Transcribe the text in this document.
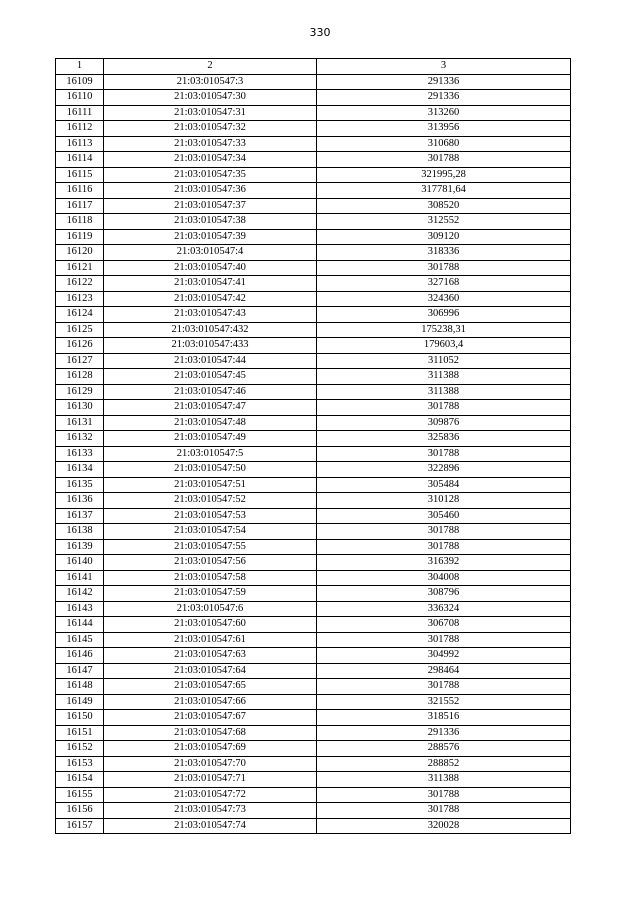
330
1	2	3
16109	21:03:010547:3	291336
16110	21:03:010547:30	291336
16111	21:03:010547:31	313260
16112	21:03:010547:32	313956
16113	21:03:010547:33	310680
16114	21:03:010547:34	301788
16115	21:03:010547:35	321995,28
16116	21:03:010547:36	317781,64
16117	21:03:010547:37	308520
16118	21:03:010547:38	312552
16119	21:03:010547:39	309120
16120	21:03:010547:4	318336
16121	21:03:010547:40	301788
16122	21:03:010547:41	327168
16123	21:03:010547:42	324360
16124	21:03:010547:43	306996
16125	21:03:010547:432	175238,31
16126	21:03:010547:433	179603,4
16127	21:03:010547:44	311052
16128	21:03:010547:45	311388
16129	21:03:010547:46	311388
16130	21:03:010547:47	301788
16131	21:03:010547:48	309876
16132	21:03:010547:49	325836
16133	21:03:010547:5	301788
16134	21:03:010547:50	322896
16135	21:03:010547:51	305484
16136	21:03:010547:52	310128
16137	21:03:010547:53	305460
16138	21:03:010547:54	301788
16139	21:03:010547:55	301788
16140	21:03:010547:56	316392
16141	21:03:010547:58	304008
16142	21:03:010547:59	308796
16143	21:03:010547:6	336324
16144	21:03:010547:60	306708
16145	21:03:010547:61	301788
16146	21:03:010547:63	304992
16147	21:03:010547:64	298464
16148	21:03:010547:65	301788
16149	21:03:010547:66	321552
16150	21:03:010547:67	318516
16151	21:03:010547:68	291336
16152	21:03:010547:69	288576
16153	21:03:010547:70	288852
16154	21:03:010547:71	311388
16155	21:03:010547:72	301788
16156	21:03:010547:73	301788
16157	21:03:010547:74	320028
